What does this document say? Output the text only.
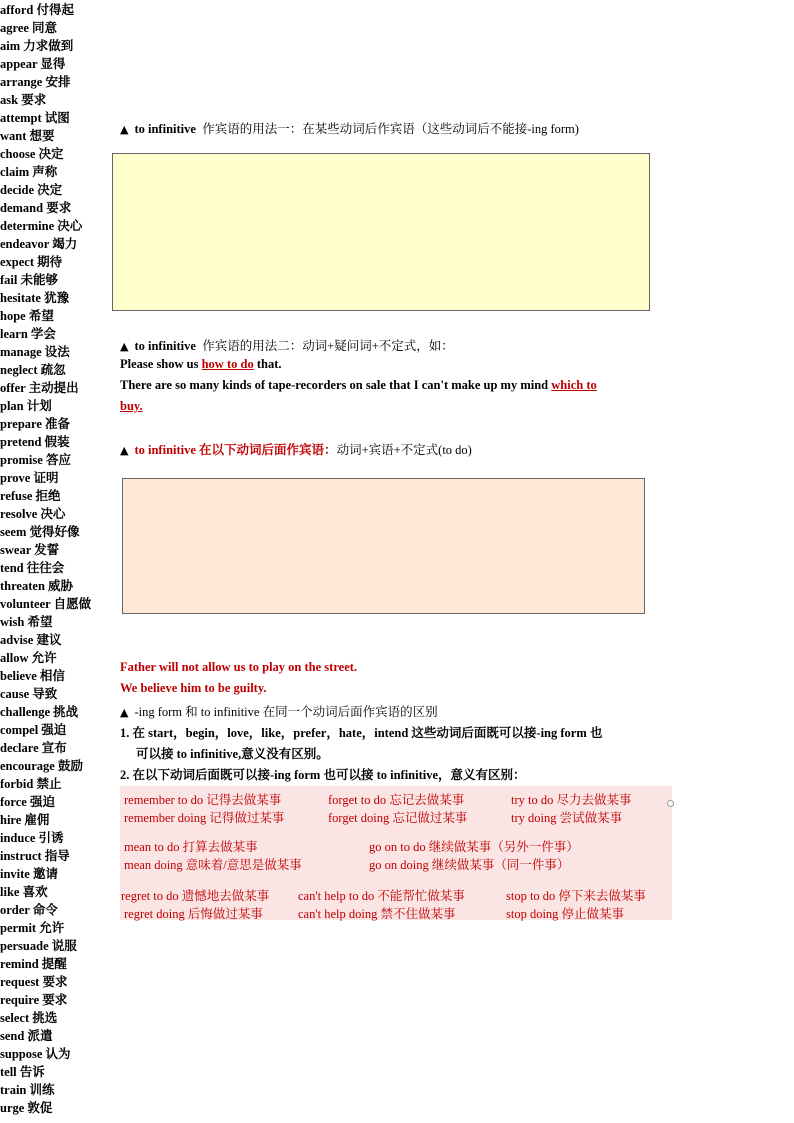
▲ to infinitive 作宾语的用法一：在某些动词后作宾语（这些动词后不能接-ing form)
▲ to infinitive 作宾语的用法二：动词+疑问词+不定式，如：
Please show us how to do that.
There are so many kinds of tape-recorders on sale that I can't make up my mind which to
buy.
▲ to infinitive 在以下动词后面作宾语：动词+宾语+不定式(to do)
Father will not allow us to play on the street.
We believe him to be guilty.
▲ -ing form 和 to infinitive 在同一个动词后面作宾语的区别
1. 在 start，begin，love，like，prefer，hate，intend 这些动词后面既可以接-ing form 也
可以接 to infinitive,意义没有区别。
2. 在以下动词后面既可以接-ing form 也可以接 to infinitive，意义有区别：
remember to do 记得去做某事	forget to do 忘记去做某事	try to do 尽力去做某事
remember doing 记得做过某事	forget doing 忘记做过某事	try doing 尝试做某事
mean to do 打算去做某事	go on to do 继续做某事（另外一件事）
mean doing 意味着/意思是做某事	go on doing 继续做某事（同一件事）
regret to do 遗憾地去做某事 can't help to do 不能帮忙做某事	stop to do 停下来去做某事
regret doing 后悔做过某事	can't help doing 禁不住做某事	stop doing 停止做某事
afford 付得起
agree 同意
aim 力求做到
appear 显得
arrange 安排
ask 要求
attempt 试图
want 想要
choose 决定
claim 声称
decide 决定
demand 要求
determine 决心
endeavor 竭力
expect 期待
fail 未能够
hesitate 犹豫
hope 希望
learn 学会
manage 设法
neglect 疏忽
offer 主动提出
plan 计划
prepare 准备
pretend 假装
promise 答应
prove 证明
refuse 拒绝
resolve 决心
seem 觉得好像
swear 发誓
tend 往往会
threaten 威胁
volunteer 自愿做
wish 希望
advise 建议
allow 允许
believe 相信
cause 导致
challenge 挑战
compel 强迫
declare 宣布
encourage 鼓励
forbid 禁止
force 强迫
hire 雇佣
induce 引诱
instruct 指导
invite 邀请
like 喜欢
order 命令
permit 允许
persuade 说服
remind 提醒
request 要求
require 要求
select 挑选
send 派遣
suppose 认为
tell 告诉
train 训练
urge 敦促
